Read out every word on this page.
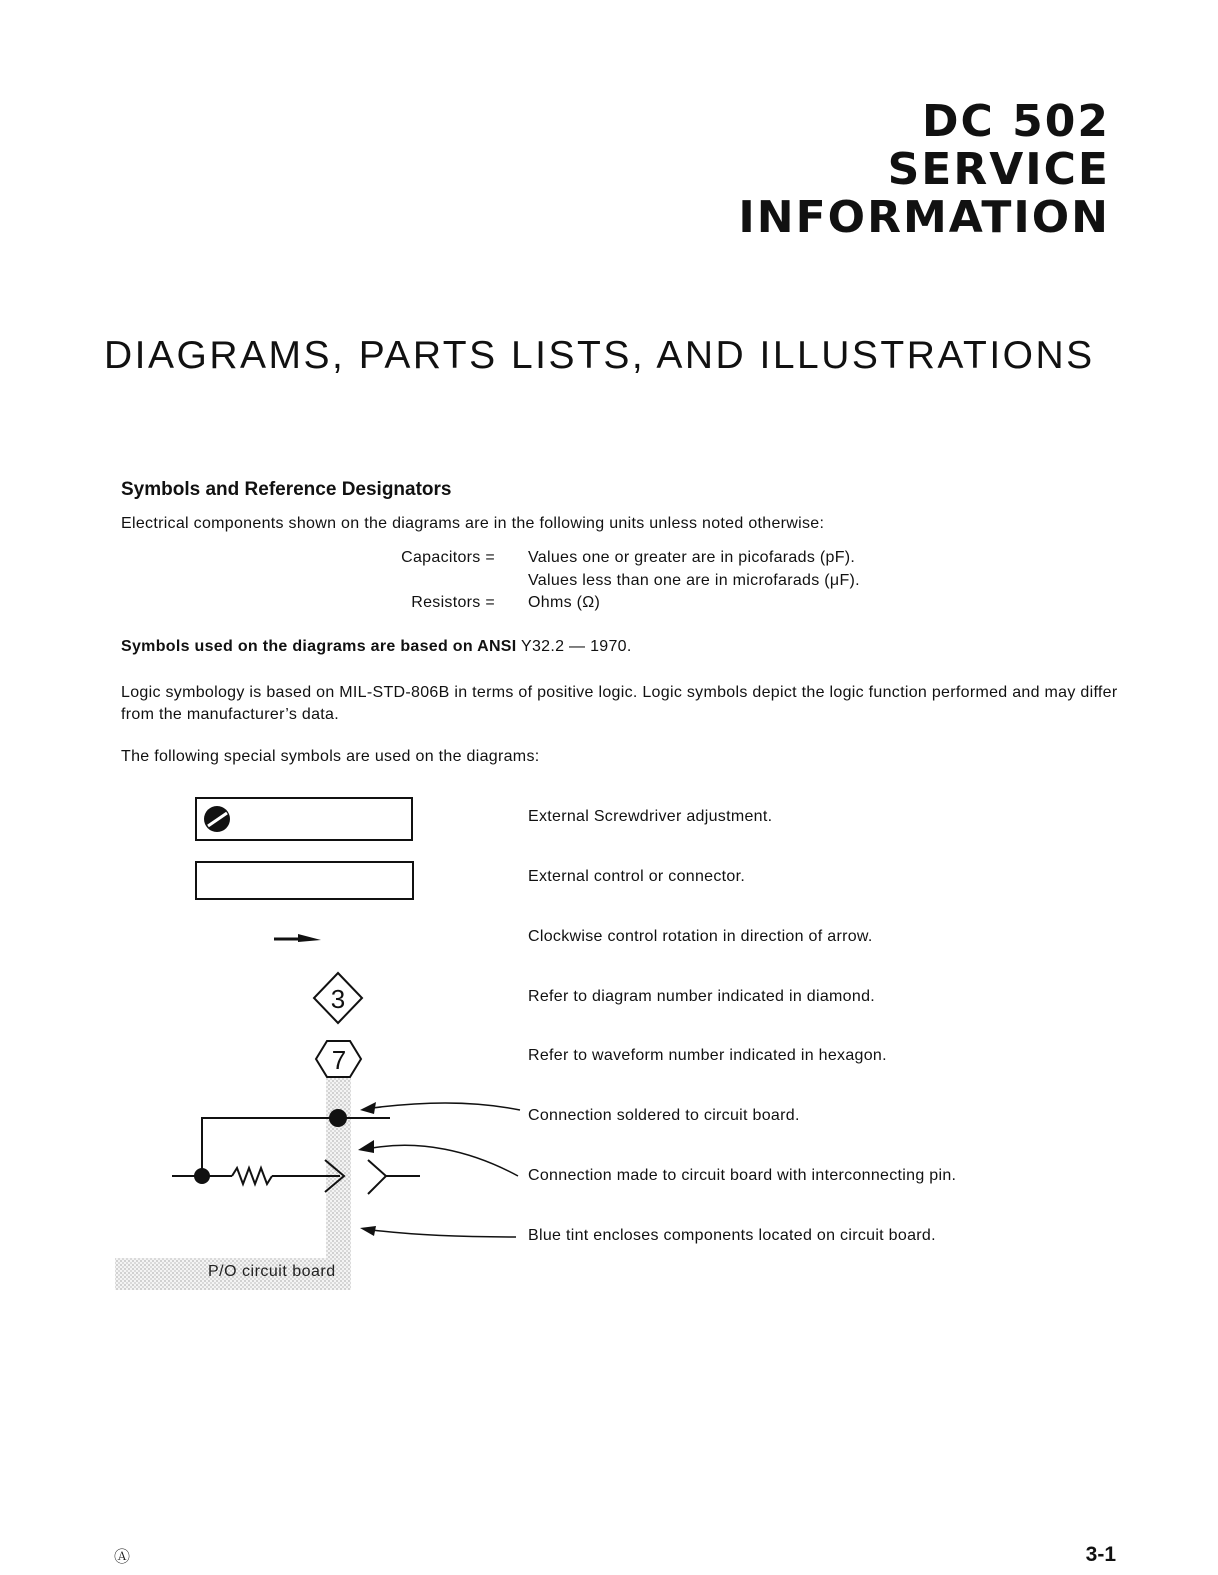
DC 502
SERVICE
INFORMATION
DIAGRAMS, PARTS LISTS, AND ILLUSTRATIONS
Symbols and Reference Designators
Electrical components shown on the diagrams are in the following units unless noted otherwise:
Capacitors = Values one or greater are in picofarads (pF).
Values less than one are in microfarads (μF).
Resistors = Ohms (Ω)
Symbols used on the diagrams are based on ANSI Y32.2 — 1970.
Logic symbology is based on MIL-STD-806B in terms of positive logic. Logic symbols depict the logic function performed and may differ from the manufacturer’s data.
The following special symbols are used on the diagrams:
3
7
P/O circuit board
External Screwdriver adjustment.
External control or connector.
Clockwise control rotation in direction of arrow.
Refer to diagram number indicated in diamond.
Refer to waveform number indicated in hexagon.
Connection soldered to circuit board.
Connection made to circuit board with interconnecting pin.
Blue tint encloses components located on circuit board.
Ⓐ	3-1
